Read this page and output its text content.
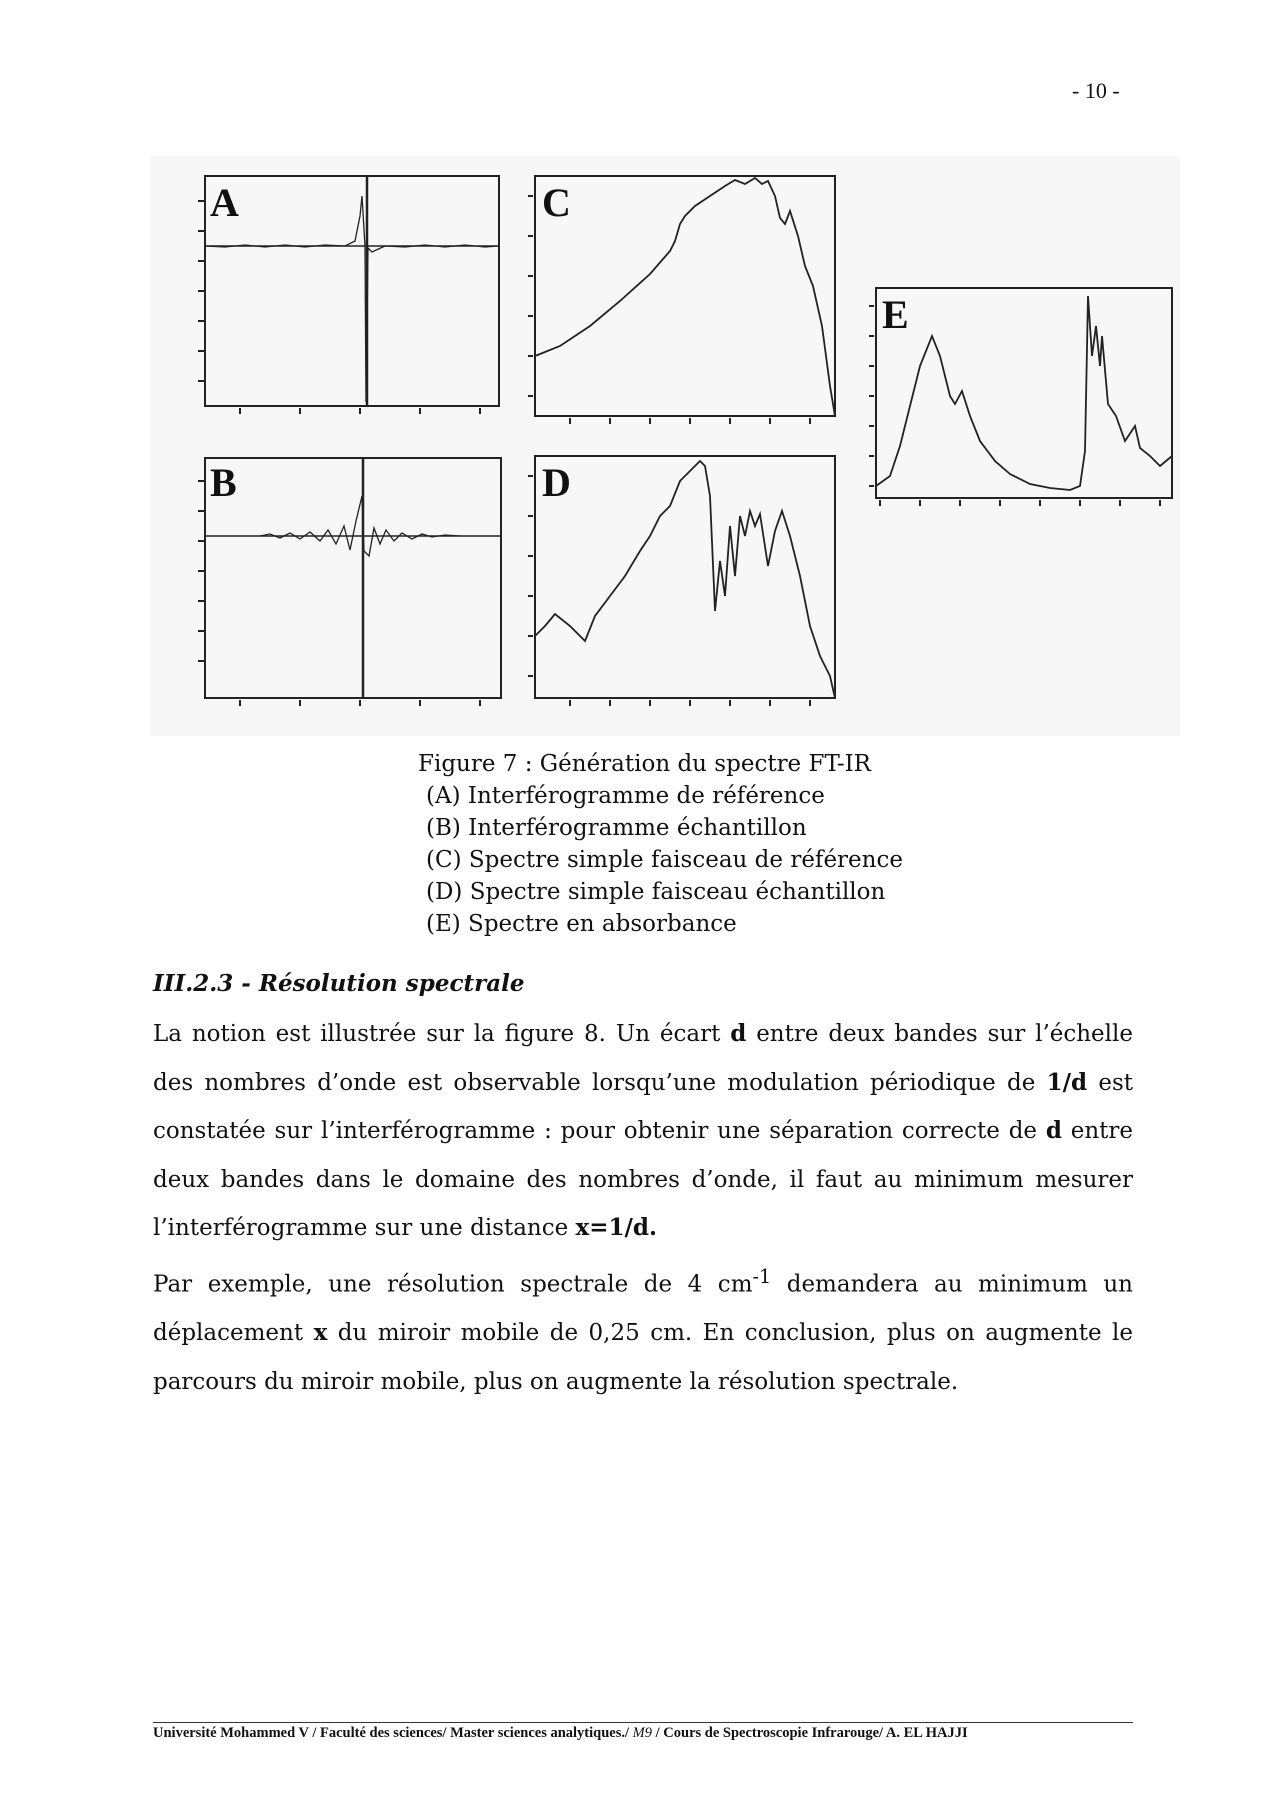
- 10 -
A
B
C
D
E
Figure 7 : Génération du spectre FT-IR
(A) Interférogramme de référence
(B) Interférogramme échantillon
(C) Spectre simple faisceau de référence
(D) Spectre simple faisceau échantillon
(E) Spectre en absorbance
III.2.3 - Résolution spectrale
La notion est illustrée sur la figure 8. Un écart d entre deux bandes sur l’échelle des nombres d’onde est observable lorsqu’une modulation périodique de 1/d est constatée sur l’interférogramme : pour obtenir une séparation correcte de d entre deux bandes dans le domaine des nombres d’onde, il faut au minimum mesurer l’interférogramme sur une distance x=1/d.
Par exemple, une résolution spectrale de 4 $cm^{-1}$ demandera au minimum un déplacement x du miroir mobile de 0,25 cm. En conclusion, plus on augmente le parcours du miroir mobile, plus on augmente la résolution spectrale.
Université Mohammed V / Faculté des sciences/ Master sciences analytiques./ M9 / Cours de Spectroscopie Infrarouge/ A. EL HAJJI
